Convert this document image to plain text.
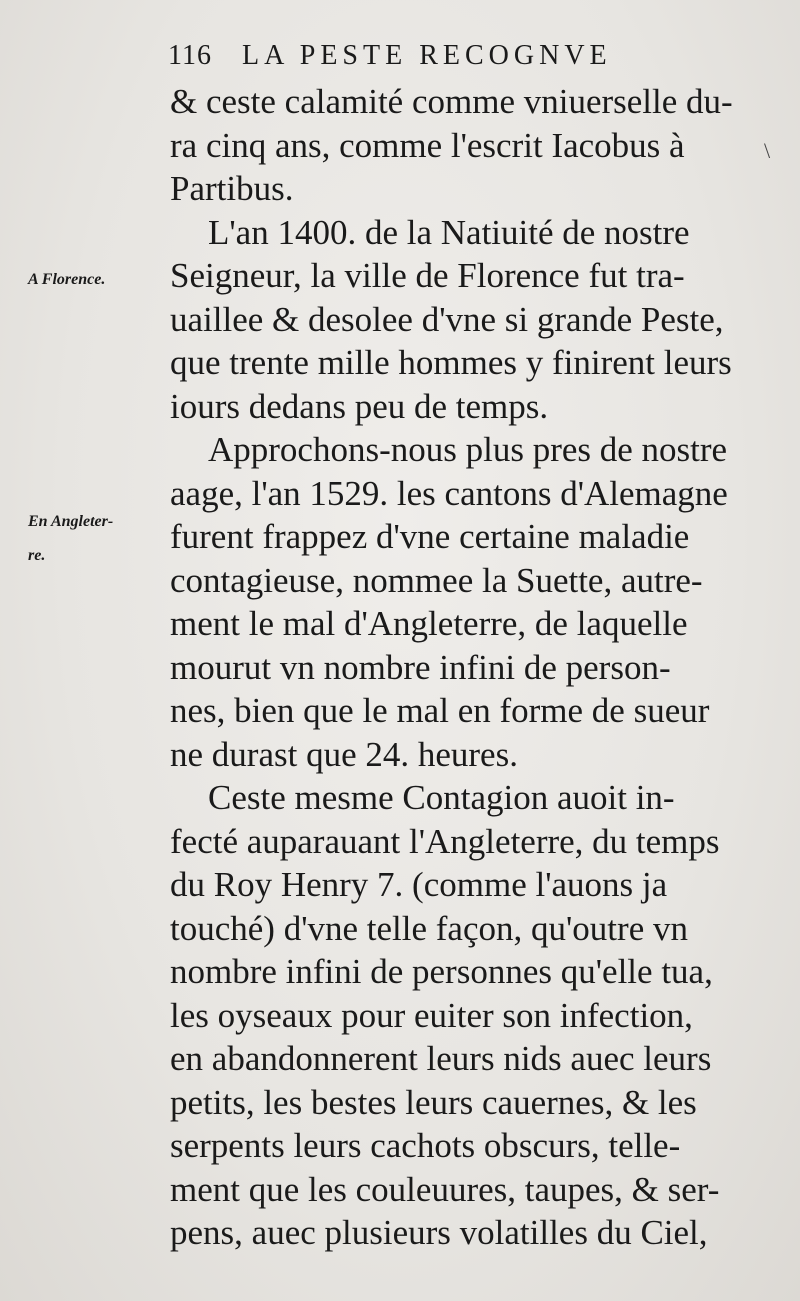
116 LA PESTE RECOGNVE
\
A Florence.
En Angleter-
re.
& ceste calamité comme vniuerselle du-
ra cinq ans, comme l'escrit Iacobus à
Partibus.
L'an 1400. de la Natiuité de nostre
Seigneur, la ville de Florence fut tra-
uaillee & desolee d'vne si grande Peste,
que trente mille hommes y finirent leurs
iours dedans peu de temps.
Approchons-nous plus pres de nostre
aage, l'an 1529. les cantons d'Alemagne
furent frappez d'vne certaine maladie
contagieuse, nommee la Suette, autre-
ment le mal d'Angleterre, de laquelle
mourut vn nombre infini de person-
nes, bien que le mal en forme de sueur
ne durast que 24. heures.
Ceste mesme Contagion auoit in-
fecté auparauant l'Angleterre, du temps
du Roy Henry 7. (comme l'auons ja
touché) d'vne telle façon, qu'outre vn
nombre infini de personnes qu'elle tua,
les oyseaux pour euiter son infection,
en abandonnerent leurs nids auec leurs
petits, les bestes leurs cauernes, & les
serpents leurs cachots obscurs, telle-
ment que les couleuures, taupes, & ser-
pens, auec plusieurs volatilles du Ciel,
